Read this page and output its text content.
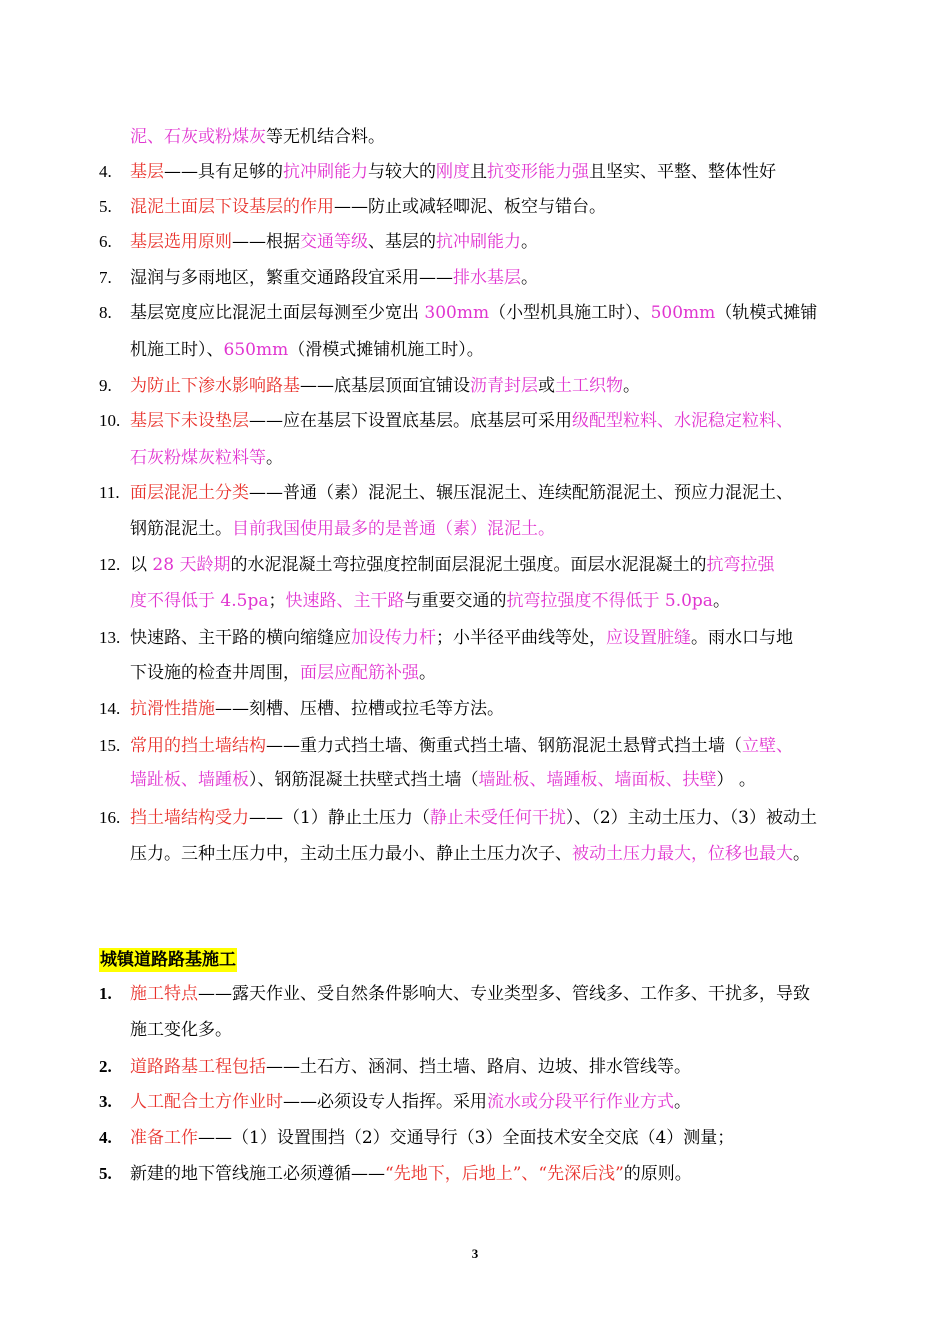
泥、石灰或粉煤灰等无机结合料。
4. 基层——具有足够的抗冲刷能力与较大的刚度且抗变形能力强且坚实、平整、整体性好
5. 混泥土面层下设基层的作用——防止或减轻唧泥、板空与错台。
6. 基层选用原则——根据交通等级、基层的抗冲刷能力。
7. 湿润与多雨地区，繁重交通路段宜采用——排水基层。
8. 基层宽度应比混泥土面层每测至少宽出 300mm（小型机具施工时）、500mm（轨模式摊铺
机施工时）、650mm（滑模式摊铺机施工时）。
9. 为防止下渗水影响路基——底基层顶面宜铺设沥青封层或土工织物。
10. 基层下未设垫层——应在基层下设置底基层。底基层可采用级配型粒料、水泥稳定粒料、
石灰粉煤灰粒料等。
11. 面层混泥土分类——普通（素）混泥土、辗压混泥土、连续配筋混泥土、预应力混泥土、
钢筋混泥土。目前我国使用最多的是普通（素）混泥土。
12. 以 28 天龄期的水泥混凝土弯拉强度控制面层混泥土强度。面层水泥混凝土的抗弯拉强
度不得低于 4.5pa；快速路、主干路与重要交通的抗弯拉强度不得低于 5.0pa。
13. 快速路、主干路的横向缩缝应加设传力杆；小半径平曲线等处，应设置脏缝。雨水口与地
下设施的检查井周围，面层应配筋补强。
14. 抗滑性措施——刻槽、压槽、拉槽或拉毛等方法。
15. 常用的挡土墙结构——重力式挡土墙、衡重式挡土墙、钢筋混泥土悬臂式挡土墙（立壁、
墙趾板、墙踵板）、钢筋混凝土扶壁式挡土墙（墙趾板、墙踵板、墙面板、扶壁） 。
16. 挡土墙结构受力——（1）静止土压力（静止未受任何干扰）、（2）主动土压力、（3）被动土
压力。三种土压力中，主动土压力最小、静止土压力次子、被动土压力最大，位移也最大。
1. 施工特点——露天作业、受自然条件影响大、专业类型多、管线多、工作多、干扰多，导致
施工变化多。
2. 道路路基工程包括——土石方、涵洞、挡土墙、路肩、边坡、排水管线等。
3. 人工配合土方作业时——必须设专人指挥。采用流水或分段平行作业方式。
4. 准备工作——（1）设置围挡（2）交通导行（3）全面技术安全交底（4）测量；
5. 新建的地下管线施工必须遵循——“先地下，后地上”、“先深后浅”的原则。
城镇道路路基施工
3
